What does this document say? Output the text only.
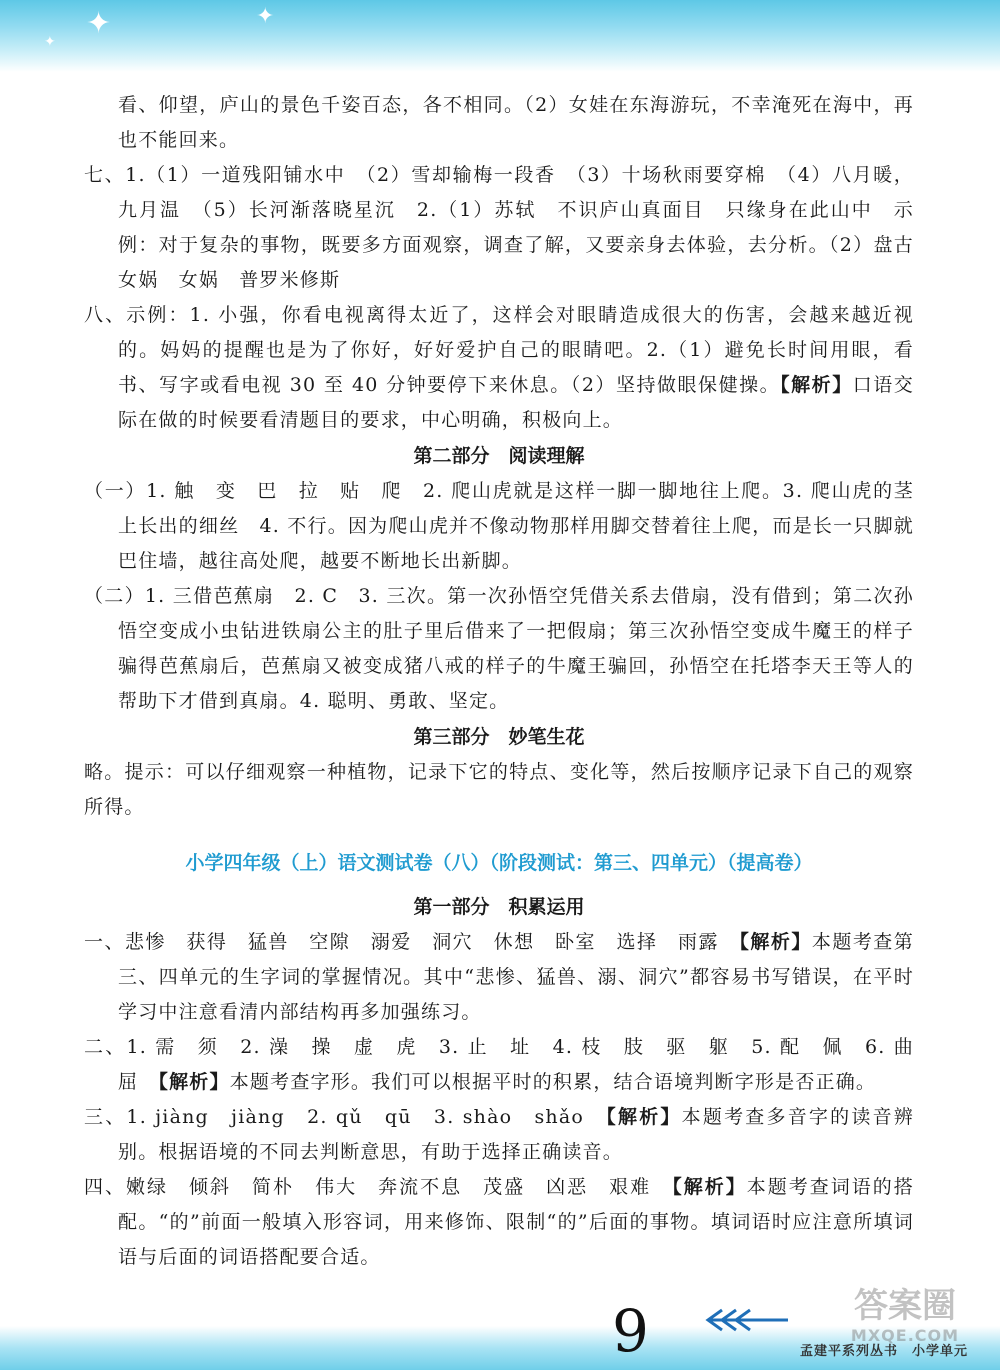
✦	✦
✦

看、仰望，庐山的景色千姿百态，各不相同。（2）女娃在东海游玩，不幸淹死在海中，再也不能回来。

七、1.（1）一道残阳铺水中　（2）雪却输梅一段香　（3）十场秋雨要穿棉　（4）八月暖，九月温　（5）长河渐落晓星沉　2.（1）苏轼　不识庐山真面目　只缘身在此山中　示例：对于复杂的事物，既要多方面观察，调查了解，又要亲身去体验，去分析。（2）盘古　女娲　女娲　普罗米修斯

八、示例：1. 小强，你看电视离得太近了，这样会对眼睛造成很大的伤害，会越来越近视的。妈妈的提醒也是为了你好，好好爱护自己的眼睛吧。2.（1）避免长时间用眼，看书、写字或看电视 30 至 40 分钟要停下来休息。（2）坚持做眼保健操。【解析】口语交际在做的时候要看清题目的要求，中心明确，积极向上。

第二部分　阅读理解

（一）1. 触　变　巴　拉　贴　爬　2. 爬山虎就是这样一脚一脚地往上爬。3. 爬山虎的茎上长出的细丝　4. 不行。因为爬山虎并不像动物那样用脚交替着往上爬，而是长一只脚就巴住墙，越往高处爬，越要不断地长出新脚。

（二）1. 三借芭蕉扇　2. C　3. 三次。第一次孙悟空凭借关系去借扇，没有借到；第二次孙悟空变成小虫钻进铁扇公主的肚子里后借来了一把假扇；第三次孙悟空变成牛魔王的样子骗得芭蕉扇后，芭蕉扇又被变成猪八戒的样子的牛魔王骗回，孙悟空在托塔李天王等人的帮助下才借到真扇。4. 聪明、勇敢、坚定。

第三部分　妙笔生花

略。提示：可以仔细观察一种植物，记录下它的特点、变化等，然后按顺序记录下自己的观察所得。

小学四年级（上）语文测试卷（八）（阶段测试：第三、四单元）（提高卷）

第一部分　积累运用

一、悲惨　获得　猛兽　空隙　溺爱　洞穴　休想　卧室　选择　雨露　【解析】本题考查第三、四单元的生字词的掌握情况。其中“悲惨、猛兽、溺、洞穴”都容易书写错误，在平时学习中注意看清内部结构再多加强练习。

二、1. 需　须　2. 澡　操　虚　虎　3. 止　址　4. 枝　肢　驱　躯　5. 配　佩　6. 曲　屈　【解析】本题考查字形。我们可以根据平时的积累，结合语境判断字形是否正确。

三、1. jiàng　jiàng　2. qǔ　qū　3. shào　shǎo　【解析】本题考查多音字的读音辨别。根据语境的不同去判断意思，有助于选择正确读音。

四、嫩绿　倾斜　简朴　伟大　奔流不息　茂盛　凶恶　艰难　【解析】本题考查词语的搭配。“的”前面一般填入形容词，用来修饰、限制“的”后面的事物。填词语时应注意所填词语与后面的词语搭配要合适。

9	孟建平系列丛书　小学单元
答案圈
MXQE.COM
